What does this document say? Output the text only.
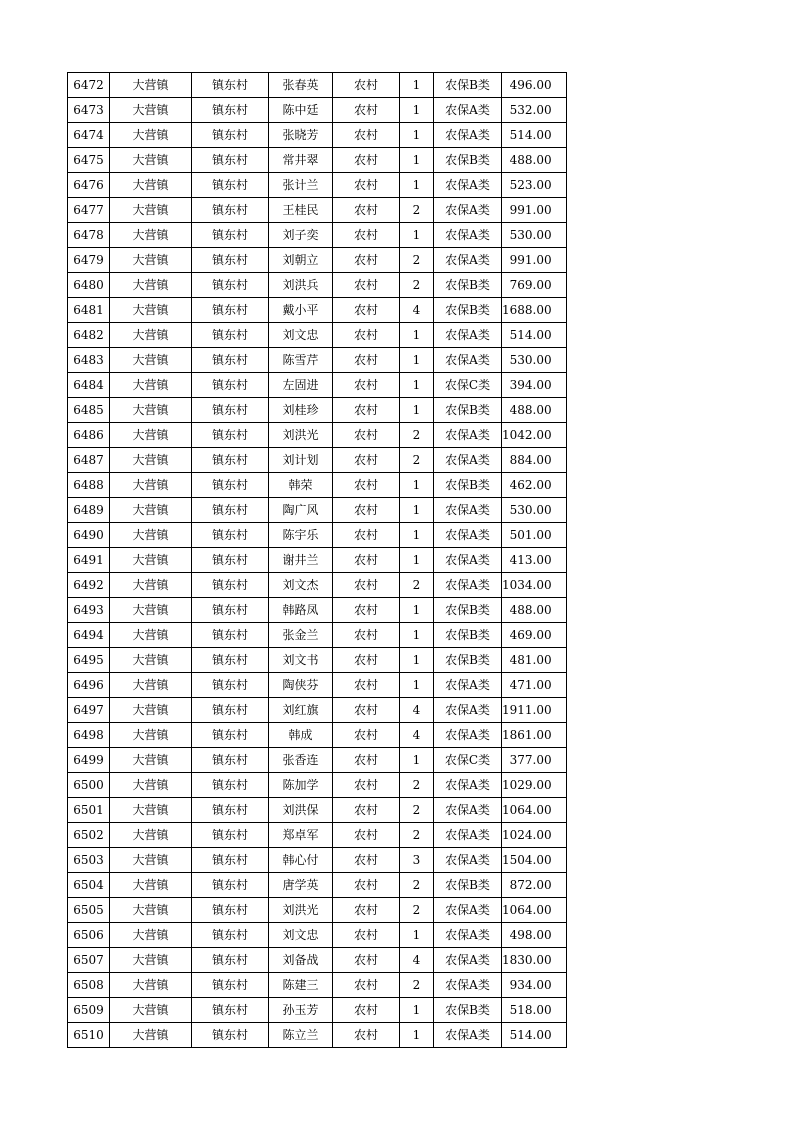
6472	大营镇	镇东村	张春英	农村	1	农保B类	496.00
6473	大营镇	镇东村	陈中廷	农村	1	农保A类	532.00
6474	大营镇	镇东村	张晓芳	农村	1	农保A类	514.00
6475	大营镇	镇东村	常井翠	农村	1	农保B类	488.00
6476	大营镇	镇东村	张计兰	农村	1	农保A类	523.00
6477	大营镇	镇东村	王桂民	农村	2	农保A类	991.00
6478	大营镇	镇东村	刘子奕	农村	1	农保A类	530.00
6479	大营镇	镇东村	刘朝立	农村	2	农保A类	991.00
6480	大营镇	镇东村	刘洪兵	农村	2	农保B类	769.00
6481	大营镇	镇东村	戴小平	农村	4	农保B类	1688.00
6482	大营镇	镇东村	刘文忠	农村	1	农保A类	514.00
6483	大营镇	镇东村	陈雪芹	农村	1	农保A类	530.00
6484	大营镇	镇东村	左固进	农村	1	农保C类	394.00
6485	大营镇	镇东村	刘桂珍	农村	1	农保B类	488.00
6486	大营镇	镇东村	刘洪光	农村	2	农保A类	1042.00
6487	大营镇	镇东村	刘计划	农村	2	农保A类	884.00
6488	大营镇	镇东村	韩荣	农村	1	农保B类	462.00
6489	大营镇	镇东村	陶广风	农村	1	农保A类	530.00
6490	大营镇	镇东村	陈宇乐	农村	1	农保A类	501.00
6491	大营镇	镇东村	谢井兰	农村	1	农保A类	413.00
6492	大营镇	镇东村	刘文杰	农村	2	农保A类	1034.00
6493	大营镇	镇东村	韩路凤	农村	1	农保B类	488.00
6494	大营镇	镇东村	张金兰	农村	1	农保B类	469.00
6495	大营镇	镇东村	刘文书	农村	1	农保B类	481.00
6496	大营镇	镇东村	陶侠芬	农村	1	农保A类	471.00
6497	大营镇	镇东村	刘红旗	农村	4	农保A类	1911.00
6498	大营镇	镇东村	韩成	农村	4	农保A类	1861.00
6499	大营镇	镇东村	张香连	农村	1	农保C类	377.00
6500	大营镇	镇东村	陈加学	农村	2	农保A类	1029.00
6501	大营镇	镇东村	刘洪保	农村	2	农保A类	1064.00
6502	大营镇	镇东村	郑卓军	农村	2	农保A类	1024.00
6503	大营镇	镇东村	韩心付	农村	3	农保A类	1504.00
6504	大营镇	镇东村	唐学英	农村	2	农保B类	872.00
6505	大营镇	镇东村	刘洪光	农村	2	农保A类	1064.00
6506	大营镇	镇东村	刘文忠	农村	1	农保A类	498.00
6507	大营镇	镇东村	刘备战	农村	4	农保A类	1830.00
6508	大营镇	镇东村	陈建三	农村	2	农保A类	934.00
6509	大营镇	镇东村	孙玉芳	农村	1	农保B类	518.00
6510	大营镇	镇东村	陈立兰	农村	1	农保A类	514.00
